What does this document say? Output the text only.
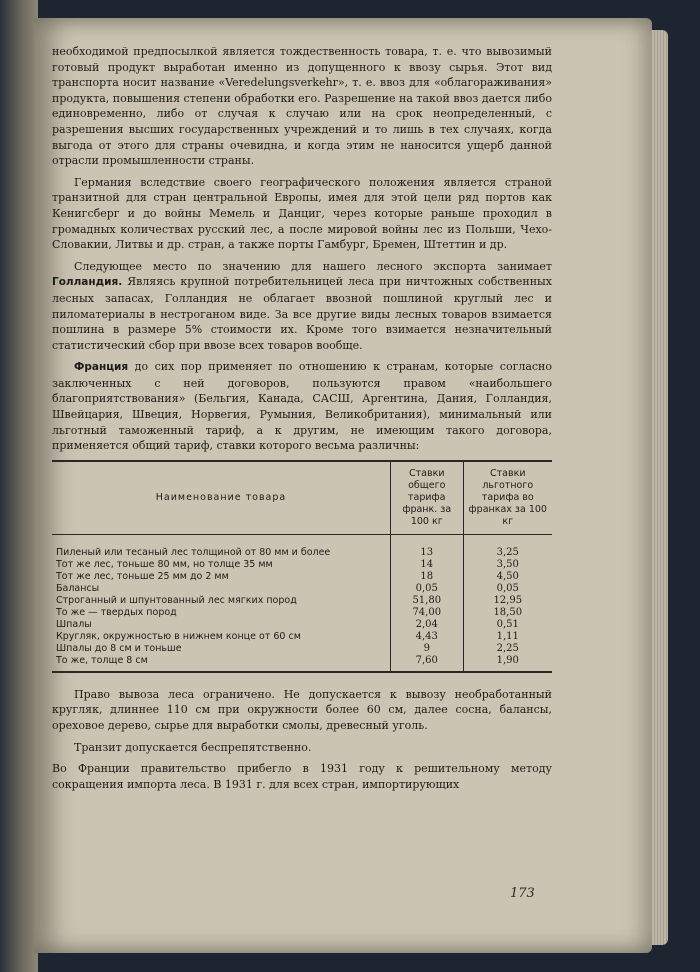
необходимой предпосылкой является тождественность товара, т. е. что вывозимый готовый продукт выработан именно из допущенного к ввозу сырья. Этот вид транспорта носит название «Veredelungsverkehr», т. е. ввоз для «облагораживания» продукта, повышения степени обработки его. Разрешение на такой ввоз дается либо единовременно, либо от случая к случаю или на срок неопределенный, с разрешения высших государственных учреждений и то лишь в тех случаях, когда выгода от этого для страны очевидна, и когда этим не наносится ущерб данной отрасли промышленности страны.

Германия вследствие своего географического положения является страной транзитной для стран центральной Европы, имея для этой цели ряд портов как Кенигсберг и до войны Мемель и Данциг, через которые раньше проходил в громадных количествах русский лес, а после мировой войны лес из Польши, Чехо-Словакии, Литвы и др. стран, а также порты Гамбург, Бремен, Штеттин и др.

Следующее место по значению для нашего лесного экспорта занимает Голландия. Являясь крупной потребительницей леса при ничтожных собственных лесных запасах, Голландия не облагает ввозной пошлиной круглый лес и пиломатериалы в нестроганом виде. За все другие виды лесных товаров взимается пошлина в размере 5% стоимости их. Кроме того взимается незначительный статистический сбор при ввозе всех товаров вообще.

Франция до сих пор применяет по отношению к странам, которые согласно заключенных с ней договоров, пользуются правом «наибольшего благоприятствования» (Бельгия, Канада, САСШ, Аргентина, Дания, Голландия, Швейцария, Швеция, Норвегия, Румыния, Великобритания), минимальный или льготный таможенный тариф, а к другим, не имеющим такого договора, применяется общий тариф, ставки которого весьма различны:

Наименование товара	Ставки общего тарифа франк. за 100 кг	Ставки льготного тарифа во франках за 100 кг
Пиленый или тесаный лес толщиной от 80 мм и более	13	3,25
Тот же лес, тоньше 80 мм, но толще 35 мм	14	3,50
Тот же лес, тоньше 25 мм до 2 мм	18	4,50
Балансы	0,05	0,05
Строганный и шпунтованный лес мягких пород	51,80	12,95
То же — твердых пород	74,00	18,50
Шпалы	2,04	0,51
Кругляк, окружностью в нижнем конце от 60 см	4,43	1,11
Шпалы до 8 см и тоньше	9	2,25
То же, толще 8 см	7,60	1,90

Право вывоза леса ограничено. Не допускается к вывозу необработанный кругляк, длиннее 110 см при окружности более 60 см, далее сосна, балансы, ореховое дерево, сырье для выработки смолы, древесный уголь.

Транзит допускается беспрепятственно.

Во Франции правительство прибегло в 1931 году к решительному методу сокращения импорта леса. В 1931 г. для всех стран, импортирующих

173
